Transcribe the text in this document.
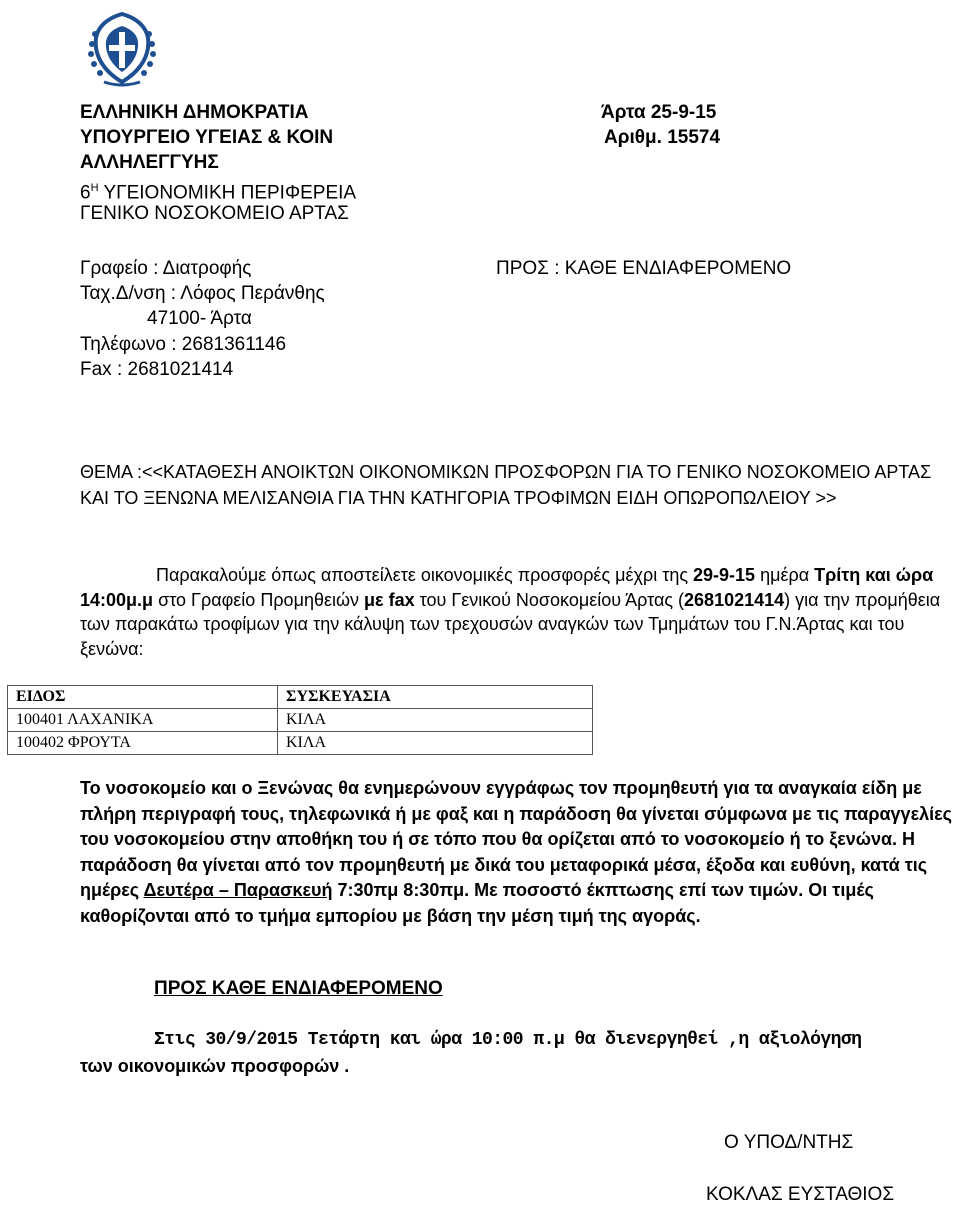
ΕΛΛΗΝΙΚΗ ΔΗΜΟΚΡΑΤΙΑ
ΥΠΟΥΡΓΕΙΟ ΥΓΕΙΑΣ & ΚΟΙΝ
ΑΛΛΗΛΕΓΓΥΗΣ
$6^H$ ΥΓΕΙΟΝΟΜΙΚΗ ΠΕΡΙΦΕΡΕΙΑ
ΓΕΝΙΚΟ ΝΟΣΟΚΟΜΕΙΟ ΑΡΤΑΣ
Άρτα 25-9-15
Αριθμ. 15574
Γραφείο : Διατροφής
Ταχ.Δ/νση : Λόφος Περάνθης
47100- Άρτα
Τηλέφωνο : 2681361146
Fax : 2681021414
ΠΡΟΣ : ΚΑΘΕ ΕΝΔΙΑΦΕΡΟΜΕΝΟ
ΘΕΜΑ :<<ΚΑΤΑΘΕΣΗ ΑΝΟΙΚΤΩΝ ΟΙΚΟΝΟΜΙΚΩΝ ΠΡΟΣΦΟΡΩΝ ΓΙΑ ΤΟ ΓΕΝΙΚΟ ΝΟΣΟΚΟΜΕΙΟ ΑΡΤΑΣ ΚΑΙ ΤΟ ΞΕΝΩΝΑ ΜΕΛΙΣΑΝΘΙΑ ΓΙΑ ΤΗΝ ΚΑΤΗΓΟΡΙΑ ΤΡΟΦΙΜΩΝ ΕΙΔΗ ΟΠΩΡΟΠΩΛΕΙΟΥ >>
Παρακαλούμε όπως αποστείλετε οικονομικές προσφορές μέχρι της 29-9-15 ημέρα Τρίτη και ώρα 14:00μ.μ στο Γραφείο Προμηθειών με fax του Γενικού Νοσοκομείου Άρτας (2681021414) για την προμήθεια των παρακάτω τροφίμων για την κάλυψη των τρεχουσών αναγκών των Τμημάτων του Γ.Ν.Άρτας και του ξενώνα:
ΕΙΔΟΣ	ΣΥΣΚΕΥΑΣΙΑ
100401 ΛΑΧΑΝΙΚΑ	ΚΙΛΑ
100402 ΦΡΟΥΤΑ	ΚΙΛΑ
Το νοσοκομείο και ο Ξενώνας θα ενημερώνουν εγγράφως τον προμηθευτή για τα αναγκαία είδη με πλήρη περιγραφή τους, τηλεφωνικά ή με φαξ και η παράδοση θα γίνεται σύμφωνα με τις παραγγελίες του νοσοκομείου στην αποθήκη του ή σε τόπο που θα ορίζεται από το νοσοκομείο ή το ξενώνα. Η παράδοση θα γίνεται από τον προμηθευτή με δικά του μεταφορικά μέσα, έξοδα και ευθύνη, κατά τις ημέρες Δευτέρα – Παρασκευή 7:30πμ 8:30πμ. Με ποσοστό έκπτωσης επί των τιμών. Οι τιμές καθορίζονται από το τμήμα εμπορίου με βάση την μέση τιμή της αγοράς.
ΠΡΟΣ ΚΑΘΕ ΕΝΔΙΑΦΕΡΟΜΕΝΟ
Στις 30/9/2015 Τετάρτη και ώρα 10:00 π.μ θα διενεργηθεί ,η αξιολόγηση
των οικονομικών προσφορών .
Ο ΥΠΟΔ/ΝΤΗΣ
ΚΟΚΛΑΣ ΕΥΣΤΑΘΙΟΣ
